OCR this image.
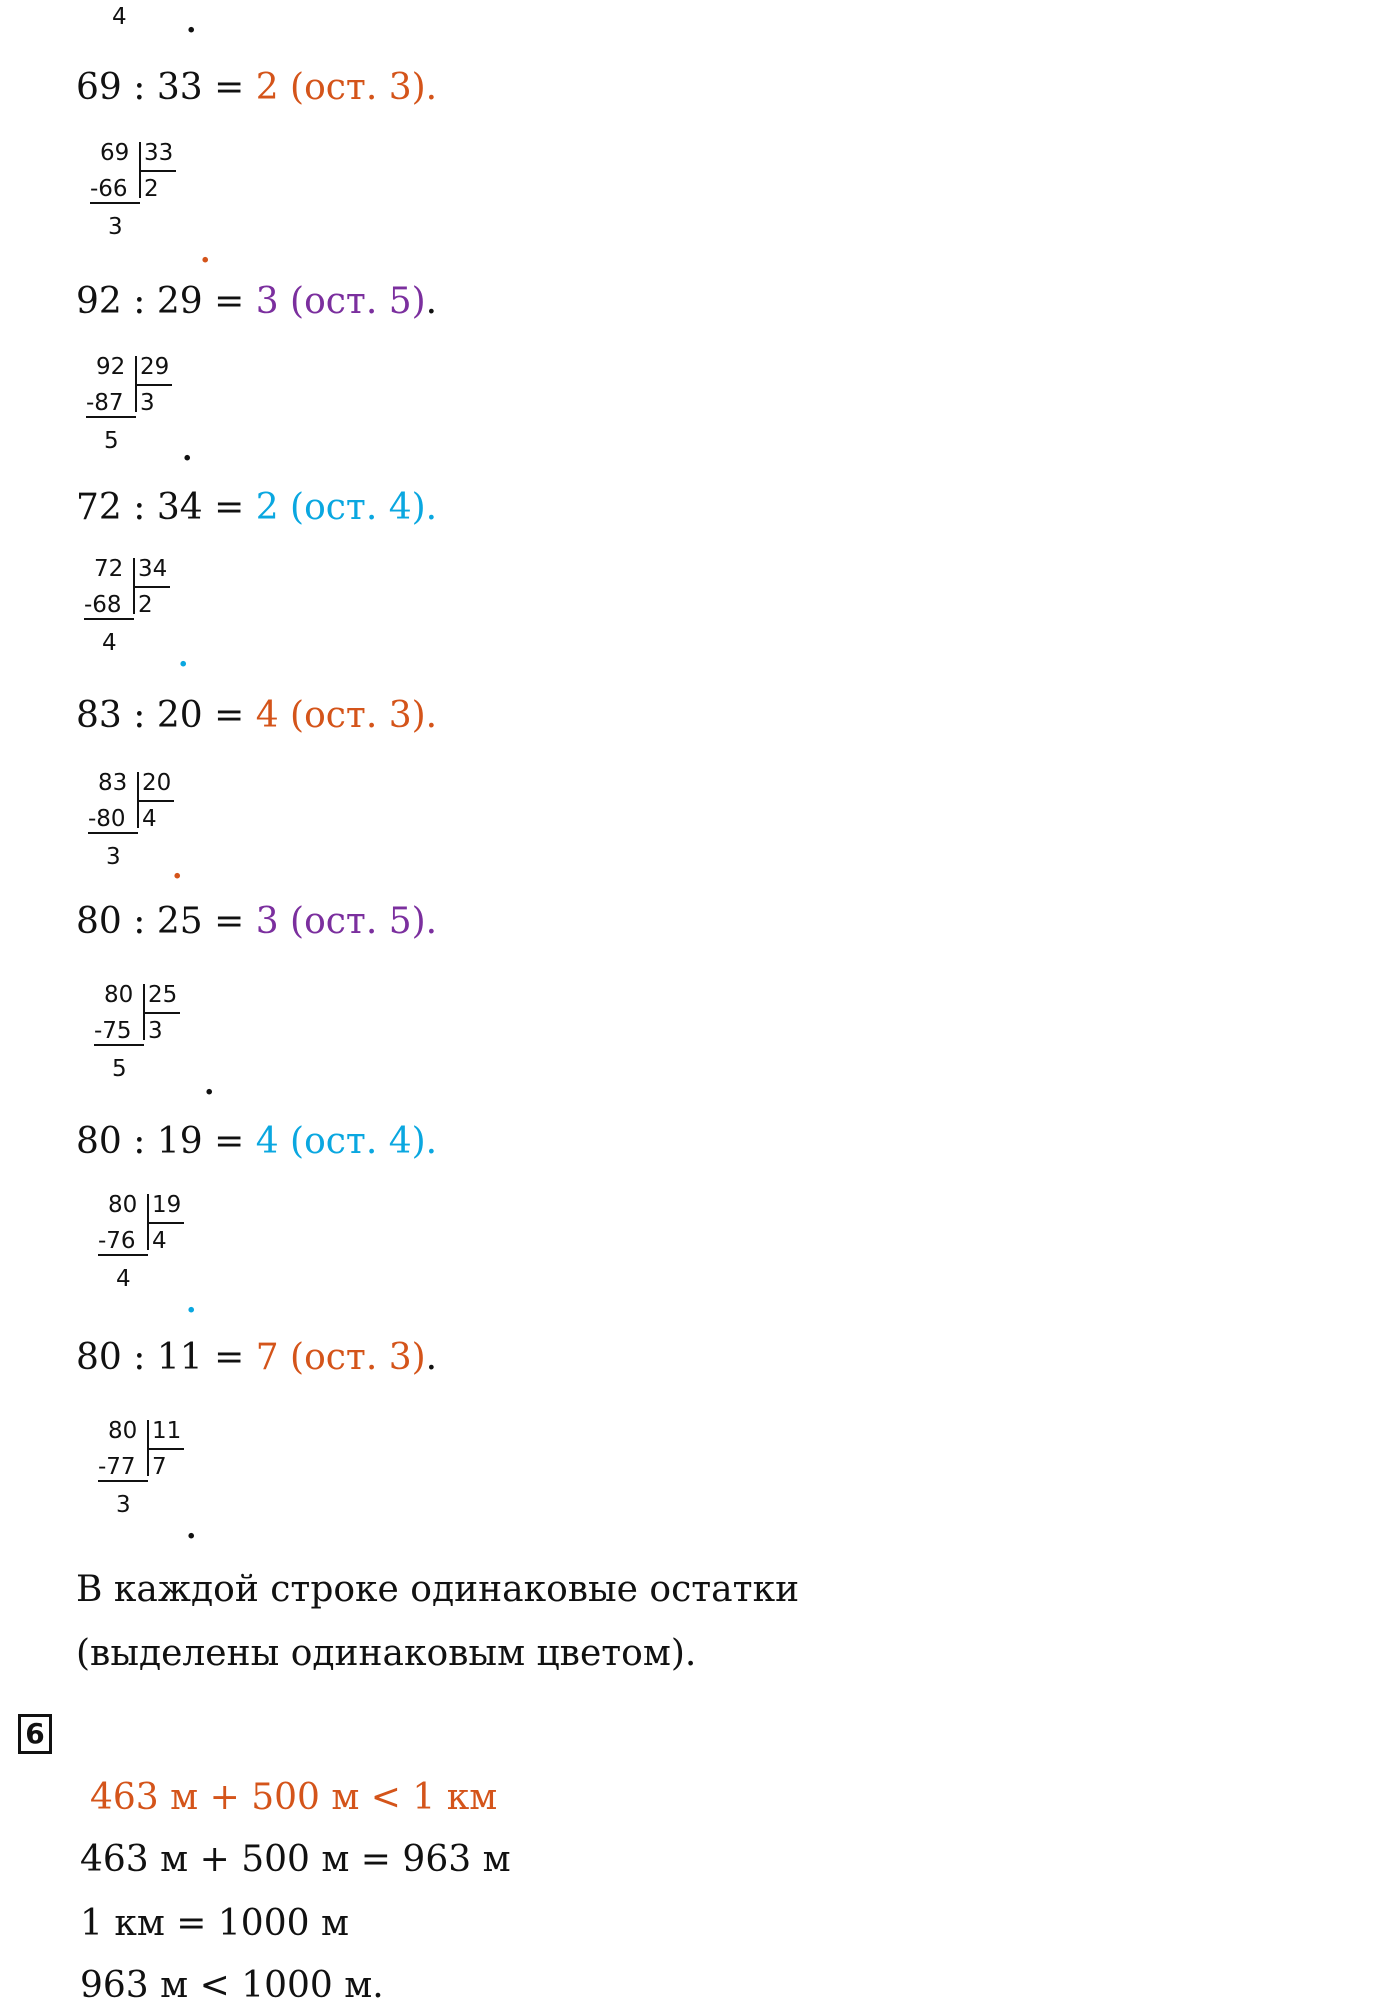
4 .
69 : 33 = 2 (ост. 3).
69 33
-66 2
3
.
92 : 29 = 3 (ост. 5).
92 29
-87 3
5 .
72 : 34 = 2 (ост. 4).
72 34
-68 2
4 .
83 : 20 = 4 (ост. 3).
83 20
-80 4
3 .
80 : 25 = 3 (ост. 5).
80 25
-75 3
5	.
80 : 19 = 4 (ост. 4).
80 19
-76 4
4
.
80 : 11 = 7 (ост. 3).
80 11
-77 7
3
.
В каждой строке одинаковые остатки
(выделены одинаковым цветом).
6
463 м + 500 м < 1 км
463 м + 500 м = 963 м
1 км = 1000 м
963 м < 1000 м.
